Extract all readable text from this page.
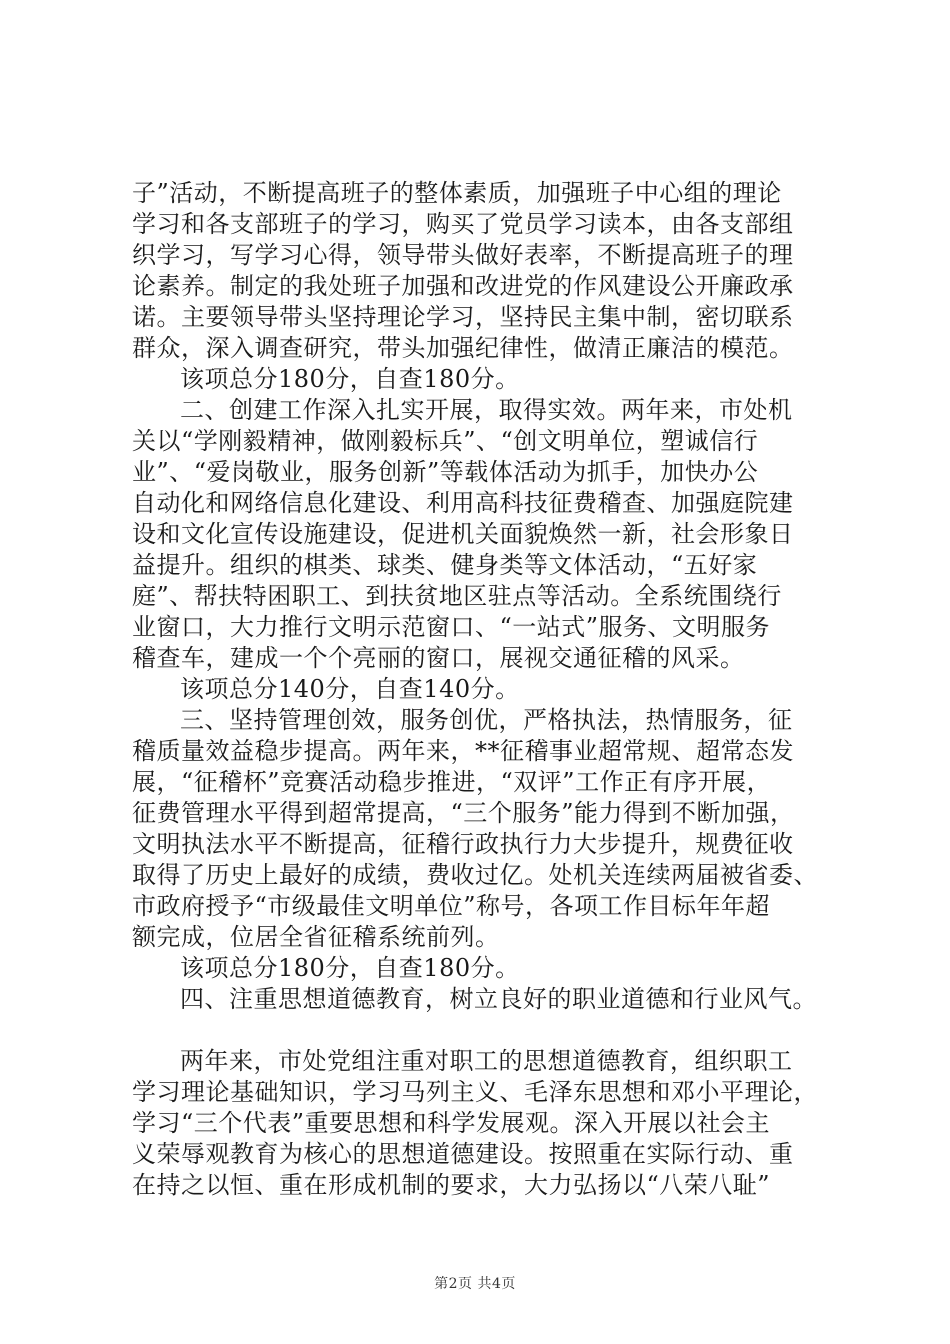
子”活动，不断提高班子的整体素质，加强班子中心组的理论
学习和各支部班子的学习，购买了党员学习读本，由各支部组
织学习，写学习心得，领导带头做好表率，不断提高班子的理
论素养。制定的我处班子加强和改进党的作风建设公开廉政承
诺。主要领导带头坚持理论学习，坚持民主集中制，密切联系
群众，深入调查研究，带头加强纪律性，做清正廉洁的模范。
该项总分180分，自查180分。
二、创建工作深入扎实开展，取得实效。两年来，市处机
关以“学刚毅精神，做刚毅标兵”、“创文明单位，塑诚信行
业”、“爱岗敬业，服务创新”等载体活动为抓手，加快办公
自动化和网络信息化建设、利用高科技征费稽查、加强庭院建
设和文化宣传设施建设，促进机关面貌焕然一新，社会形象日
益提升。组织的棋类、球类、健身类等文体活动，“五好家
庭”、帮扶特困职工、到扶贫地区驻点等活动。全系统围绕行
业窗口，大力推行文明示范窗口、“一站式”服务、文明服务
稽查车，建成一个个亮丽的窗口，展视交通征稽的风采。
该项总分140分，自查140分。
三、坚持管理创效，服务创优，严格执法，热情服务，征
稽质量效益稳步提高。两年来，**征稽事业超常规、超常态发
展，“征稽杯”竞赛活动稳步推进，“双评”工作正有序开展，
征费管理水平得到超常提高，“三个服务”能力得到不断加强，
文明执法水平不断提高，征稽行政执行力大步提升，规费征收
取得了历史上最好的成绩，费收过亿。处机关连续两届被省委、
市政府授予“市级最佳文明单位”称号，各项工作目标年年超
额完成，位居全省征稽系统前列。
该项总分180分，自查180分。
四、注重思想道德教育，树立良好的职业道德和行业风气。
两年来，市处党组注重对职工的思想道德教育，组织职工
学习理论基础知识，学习马列主义、毛泽东思想和邓小平理论，
学习“三个代表”重要思想和科学发展观。深入开展以社会主
义荣辱观教育为核心的思想道德建设。按照重在实际行动、重
在持之以恒、重在形成机制的要求，大力弘扬以“八荣八耻”
第2页 共4页
